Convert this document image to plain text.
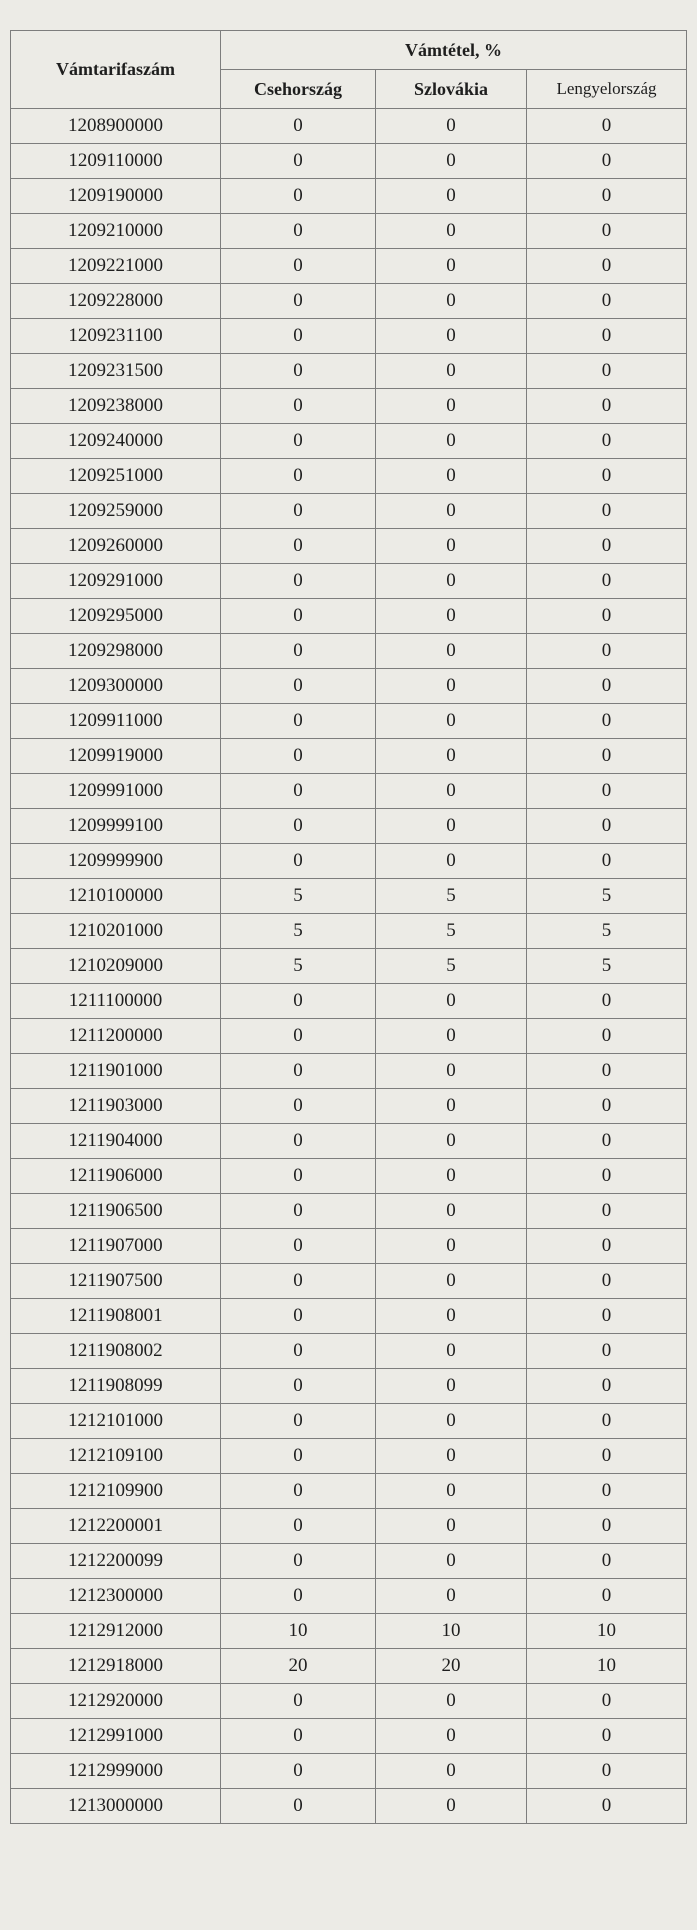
Vámtarifaszám	Vámtétel, %		
	Csehország	Szlovákia	Lengyelország
1208900000	0	0	0
1209110000	0	0	0
1209190000	0	0	0
1209210000	0	0	0
1209221000	0	0	0
1209228000	0	0	0
1209231100	0	0	0
1209231500	0	0	0
1209238000	0	0	0
1209240000	0	0	0
1209251000	0	0	0
1209259000	0	0	0
1209260000	0	0	0
1209291000	0	0	0
1209295000	0	0	0
1209298000	0	0	0
1209300000	0	0	0
1209911000	0	0	0
1209919000	0	0	0
1209991000	0	0	0
1209999100	0	0	0
1209999900	0	0	0
1210100000	5	5	5
1210201000	5	5	5
1210209000	5	5	5
1211100000	0	0	0
1211200000	0	0	0
1211901000	0	0	0
1211903000	0	0	0
1211904000	0	0	0
1211906000	0	0	0
1211906500	0	0	0
1211907000	0	0	0
1211907500	0	0	0
1211908001	0	0	0
1211908002	0	0	0
1211908099	0	0	0
1212101000	0	0	0
1212109100	0	0	0
1212109900	0	0	0
1212200001	0	0	0
1212200099	0	0	0
1212300000	0	0	0
1212912000	10	10	10
1212918000	20	20	10
1212920000	0	0	0
1212991000	0	0	0
1212999000	0	0	0
1213000000	0	0	0
